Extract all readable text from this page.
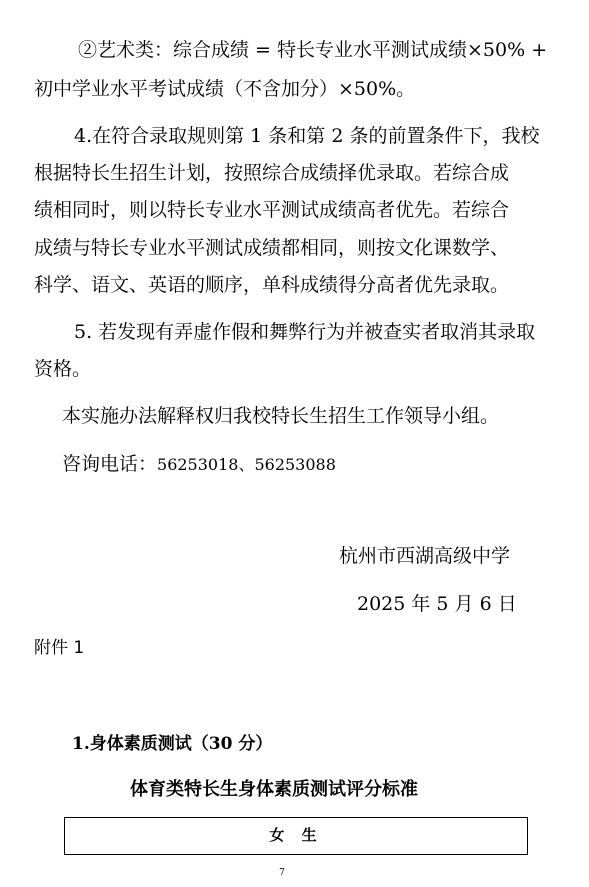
②艺术类：综合成绩 = 特长专业水平测试成绩×50% +
初中学业水平考试成绩（不含加分）×50%。
4.在符合录取规则第 1 条和第 2 条的前置条件下，我校
根据特长生招生计划，按照综合成绩择优录取。若综合成
绩相同时，则以特长专业水平测试成绩高者优先。若综合
成绩与特长专业水平测试成绩都相同，则按文化课数学、
科学、语文、英语的顺序，单科成绩得分高者优先录取。
5. 若发现有弄虚作假和舞弊行为并被查实者取消其录取
资格。
本实施办法解释权归我校特长生招生工作领导小组。
咨询电话：56253018、56253088
杭州市西湖高级中学
2025 年 5 月 6 日
附件 1
1.身体素质测试（30 分）
体育类特长生身体素质测试评分标准
女 生
7
